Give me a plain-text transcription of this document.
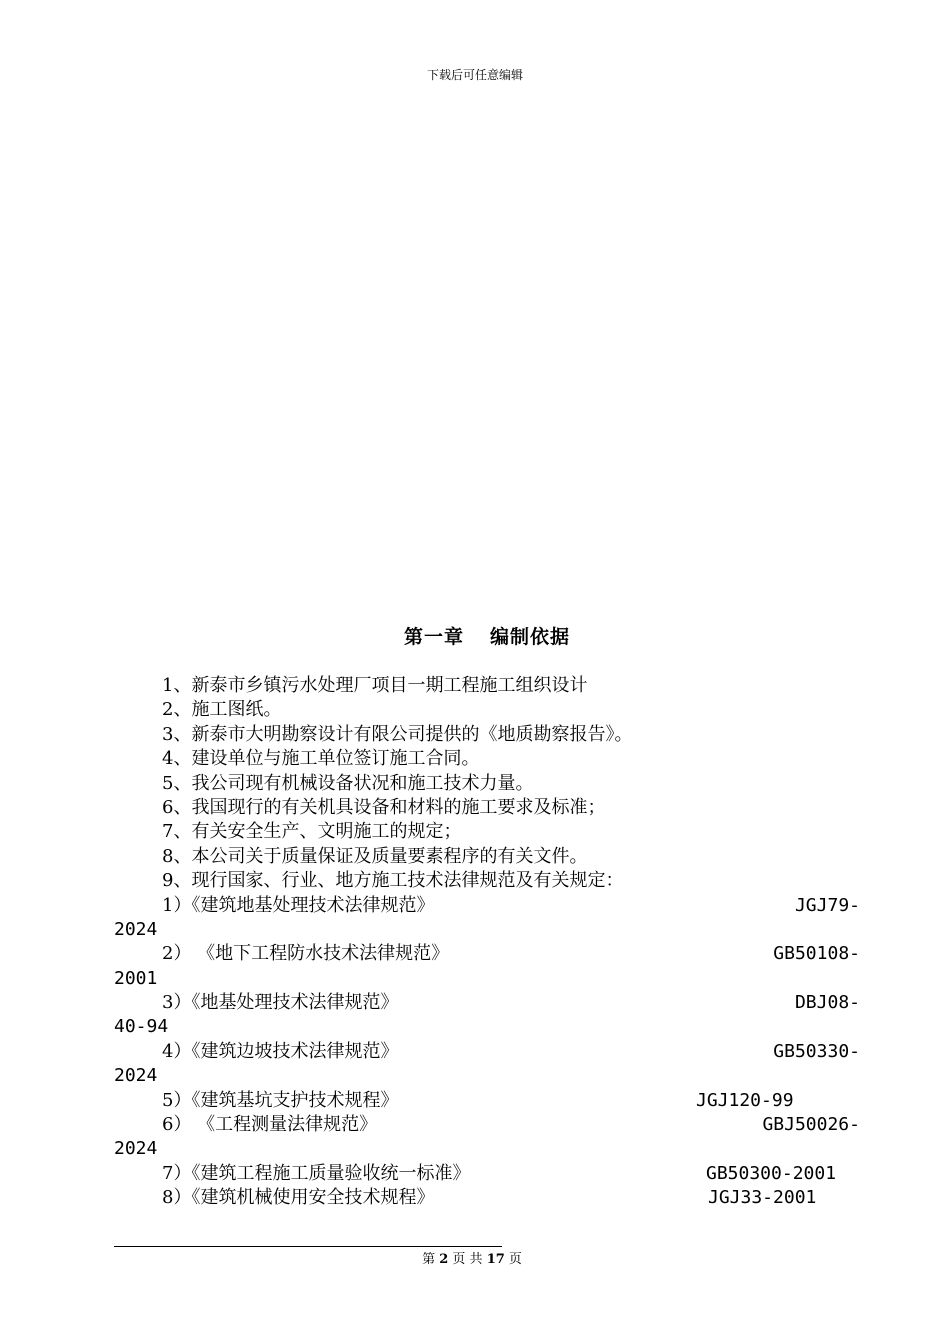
下载后可任意编辑
第一章 编制依据
1、新泰市乡镇污水处理厂项目一期工程施工组织设计
2、施工图纸。
3、新泰市大明勘察设计有限公司提供的《地质勘察报告》。
4、建设单位与施工单位签订施工合同。
5、我公司现有机械设备状况和施工技术力量。
6、我国现行的有关机具设备和材料的施工要求及标准；
7、有关安全生产、文明施工的规定；
8、本公司关于质量保证及质量要素程序的有关文件。
9、现行国家、行业、地方施工技术法律规范及有关规定：
1）《建筑地基处理技术法律规范》	JGJ79-
2024
2） 《地下工程防水技术法律规范》	GB50108-
2001
3）《地基处理技术法律规范》	DBJ08-
40-94
4）《建筑边坡技术法律规范》	GB50330-
2024
5）《建筑基坑支护技术规程》	JGJ120-99
6） 《工程测量法律规范》	GBJ50026-
2024
7）《建筑工程施工质量验收统一标准》	GB50300-2001
8）《建筑机械使用安全技术规程》	JGJ33-2001
第 2 页 共 17 页
